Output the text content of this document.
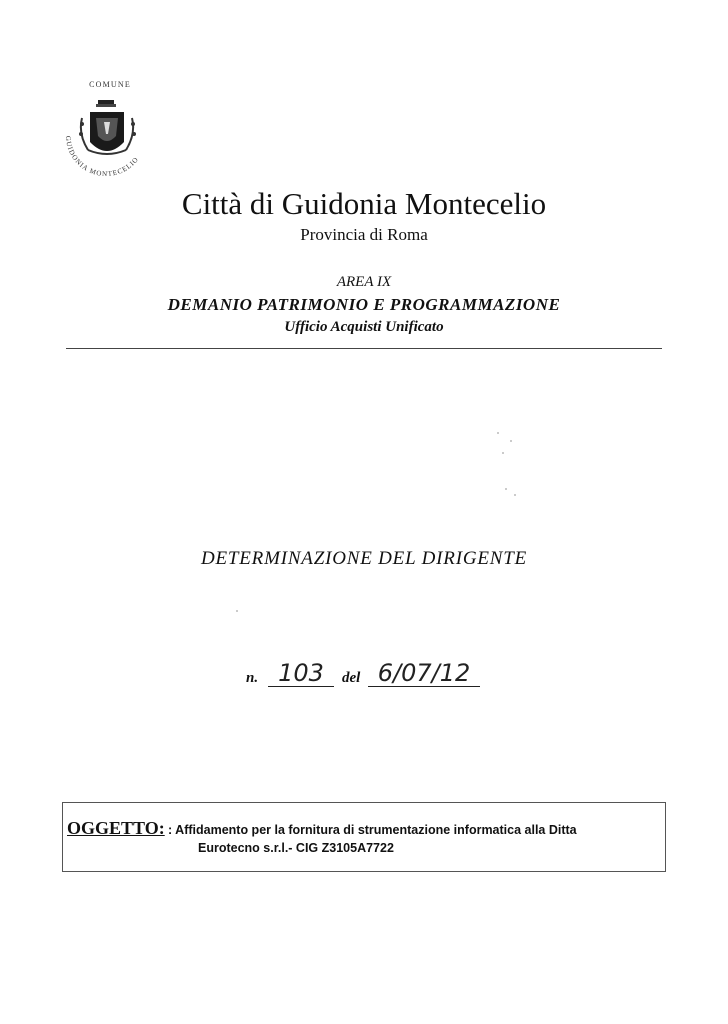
COMUNE
GUIDONIA MONTECELIO
Città di Guidonia Montecelio
Provincia di Roma
AREA IX
DEMANIO PATRIMONIO E PROGRAMMAZIONE
Ufficio Acquisti Unificato
DETERMINAZIONE DEL DIRIGENTE
n. 103	del 6/07/12
OGGETTO: : Affidamento per la fornitura di strumentazione informatica alla Ditta
Eurotecno s.r.l.- CIG Z3105A7722
